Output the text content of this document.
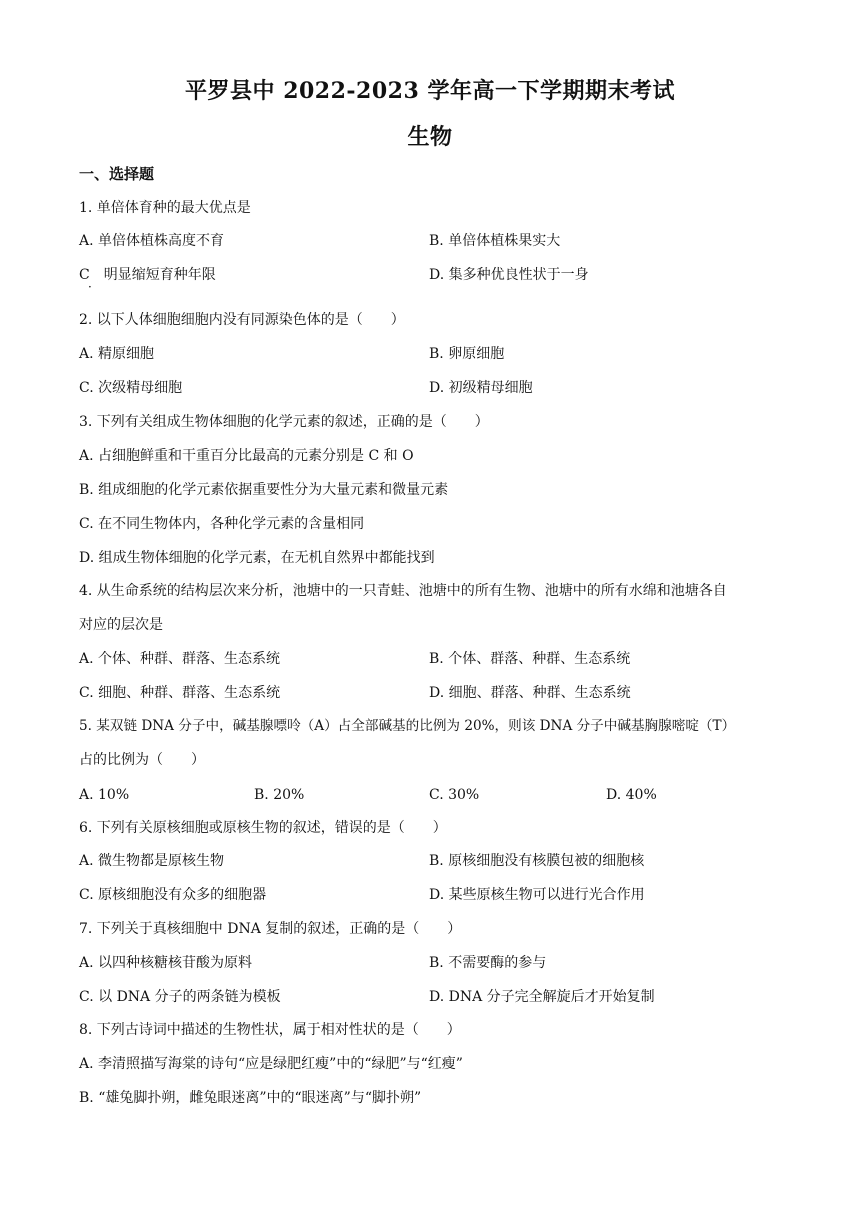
平罗县中 2022-2023 学年高一下学期期末考试
生物
一、选择题
1. 单倍体育种的最大优点是
A. 单倍体植株高度不育	B. 单倍体植株果实大
C　明显缩短育种年限
·
D. 集多种优良性状于一身
2. 以下人体细胞细胞内没有同源染色体的是（　　）
A. 精原细胞	B. 卵原细胞
C. 次级精母细胞	D. 初级精母细胞
3. 下列有关组成生物体细胞的化学元素的叙述，正确的是（　　）
A. 占细胞鲜重和干重百分比最高的元素分别是 C 和 O
B. 组成细胞的化学元素依据重要性分为大量元素和微量元素
C. 在不同生物体内，各种化学元素的含量相同
D. 组成生物体细胞的化学元素，在无机自然界中都能找到
4. 从生命系统的结构层次来分析，池塘中的一只青蛙、池塘中的所有生物、池塘中的所有水绵和池塘各自
对应的层次是
A. 个体、种群、群落、生态系统	B. 个体、群落、种群、生态系统
C. 细胞、种群、群落、生态系统	D. 细胞、群落、种群、生态系统
5. 某双链 DNA 分子中，碱基腺嘌呤（A）占全部碱基的比例为 20%，则该 DNA 分子中碱基胸腺嘧啶（T）
占的比例为（　　）
A. 10%	B. 20%	C. 30%	D. 40%
6. 下列有关原核细胞或原核生物的叙述，错误的是（　　）
A. 微生物都是原核生物	B. 原核细胞没有核膜包被的细胞核
C. 原核细胞没有众多的细胞器	D. 某些原核生物可以进行光合作用
7. 下列关于真核细胞中 DNA 复制的叙述，正确的是（　　）
A. 以四种核糖核苷酸为原料	B. 不需要酶的参与
C. 以 DNA 分子的两条链为模板	D. DNA 分子完全解旋后才开始复制
8. 下列古诗词中描述的生物性状，属于相对性状的是（　　）
A. 李清照描写海棠的诗句“应是绿肥红瘦”中的“绿肥”与“红瘦”
B. “雄兔脚扑朔，雌兔眼迷离”中的“眼迷离”与“脚扑朔”
